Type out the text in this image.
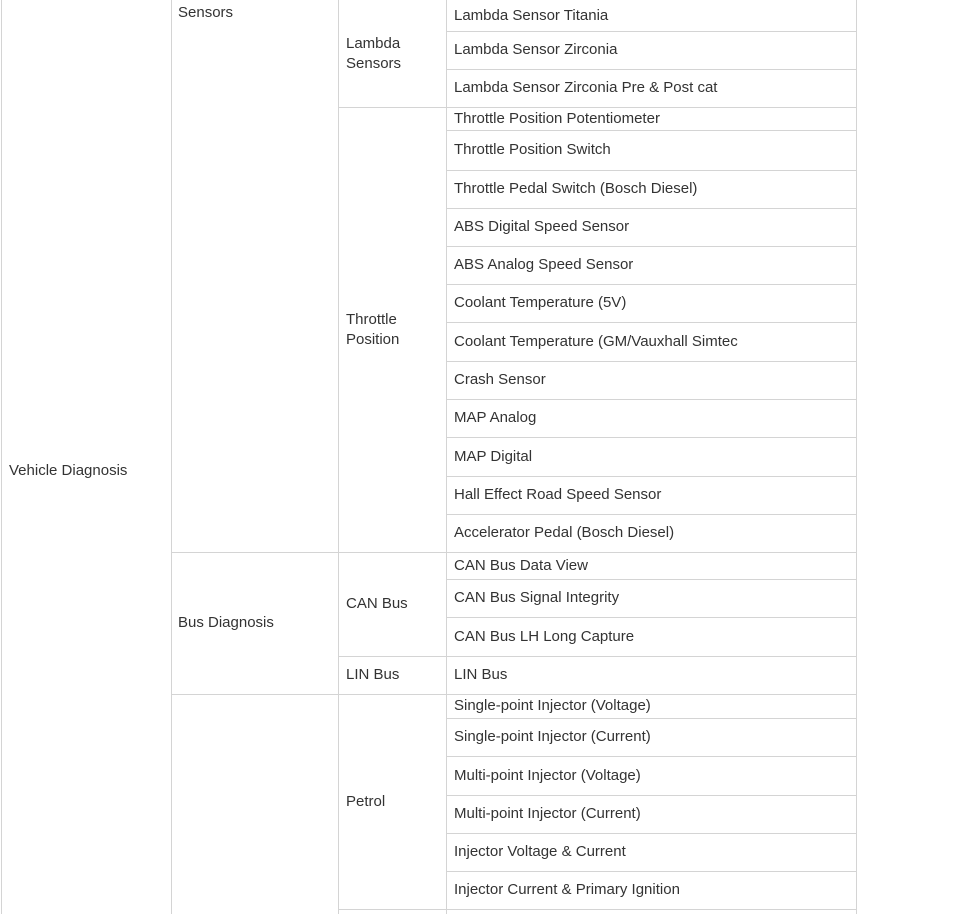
Vehicle Diagnosis
Lambda Sensor Titania
Lambda Sensor Zirconia
Lambda Sensor Zirconia Pre & Post cat
Lambda
Sensors
Throttle Position Potentiometer
Throttle Position Switch
Throttle Pedal Switch (Bosch Diesel)
ABS Digital Speed Sensor
ABS Analog Speed Sensor
Coolant Temperature (5V)
Coolant Temperature (GM/Vauxhall Simtec
Crash Sensor
MAP Analog
MAP Digital
Hall Effect Road Speed Sensor
Accelerator Pedal (Bosch Diesel)
Throttle
Position
Sensors
CAN Bus Data View
CAN Bus Signal Integrity
CAN Bus LH Long Capture
CAN Bus
LIN Bus
LIN Bus
Bus Diagnosis
Single-point Injector (Voltage)
Single-point Injector (Current)
Multi-point Injector (Voltage)
Multi-point Injector (Current)
Injector Voltage & Current
Injector Current & Primary Ignition
Petrol
